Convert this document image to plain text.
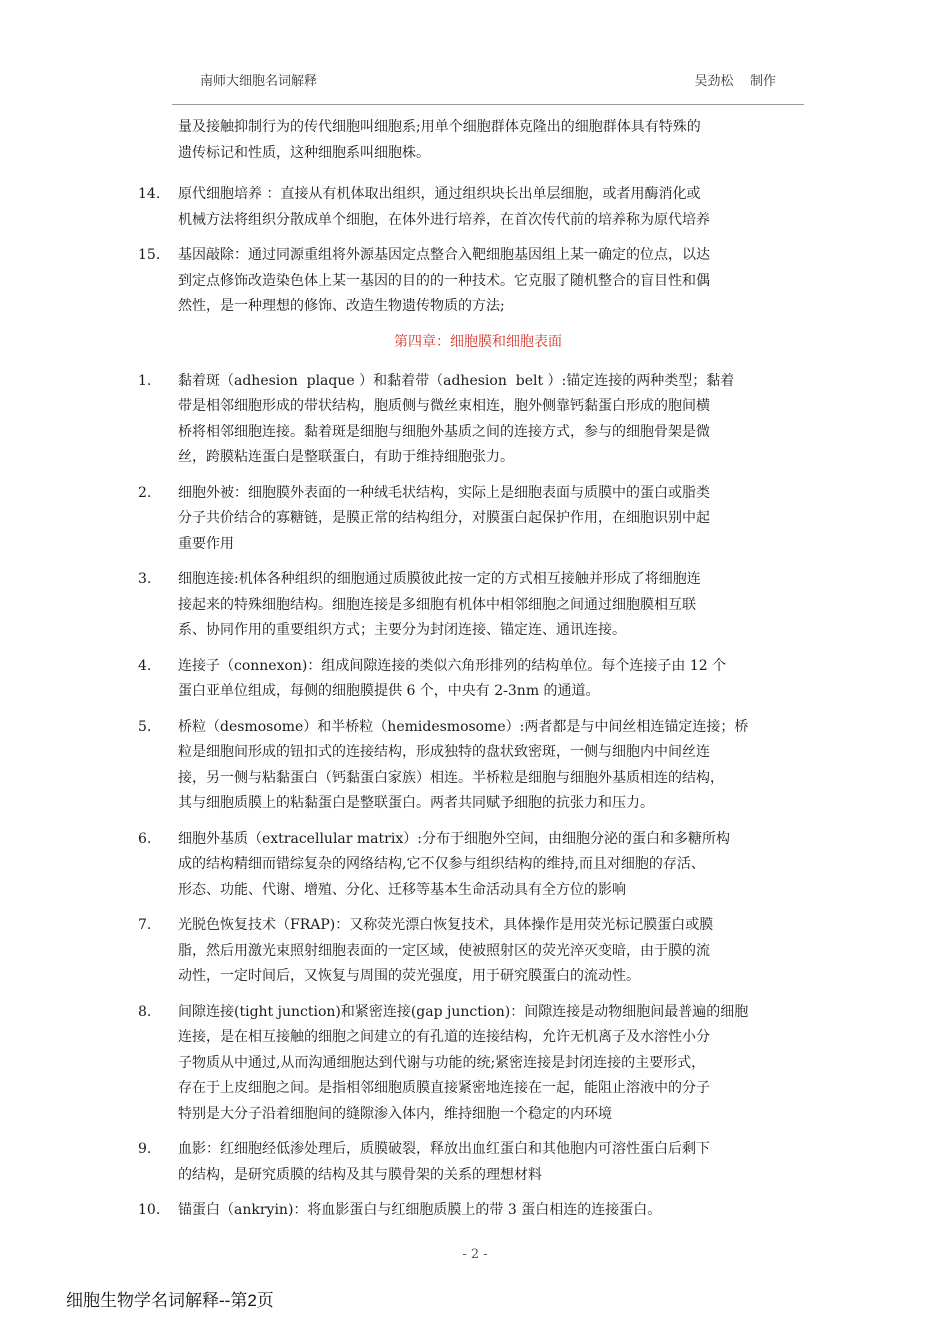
南师大细胞名词解释	吴劲松    制作
量及接触抑制行为的传代细胞叫细胞系;用单个细胞群体克隆出的细胞群体具有特殊的
遗传标记和性质，这种细胞系叫细胞株。
14.	原代细胞培养 ：直接从有机体取出组织，通过组织块长出单层细胞，或者用酶消化或
机械方法将组织分散成单个细胞，在体外进行培养，在首次传代前的培养称为原代培养
15.	基因敲除：通过同源重组将外源基因定点整合入靶细胞基因组上某一确定的位点，以达
到定点修饰改造染色体上某一基因的目的的一种技术。它克服了随机整合的盲目性和偶
然性，是一种理想的修饰、改造生物遗传物质的方法;
第四章：细胞膜和细胞表面
1.	黏着斑（adhesion  plaque ）和黏着带（adhesion  belt ）:锚定连接的两种类型；黏着
带是相邻细胞形成的带状结构，胞质侧与微丝束相连，胞外侧靠钙黏蛋白形成的胞间横
桥将相邻细胞连接。黏着斑是细胞与细胞外基质之间的连接方式，参与的细胞骨架是微
丝，跨膜粘连蛋白是整联蛋白，有助于维持细胞张力。
2.	细胞外被：细胞膜外表面的一种绒毛状结构，实际上是细胞表面与质膜中的蛋白或脂类
分子共价结合的寡糖链，是膜正常的结构组分，对膜蛋白起保护作用，在细胞识别中起
重要作用
3.	细胞连接:机体各种组织的细胞通过质膜彼此按一定的方式相互接触并形成了将细胞连
接起来的特殊细胞结构。细胞连接是多细胞有机体中相邻细胞之间通过细胞膜相互联
系、协同作用的重要组织方式；主要分为封闭连接、锚定连、通讯连接。
4.	连接子（connexon)：组成间隙连接的类似六角形排列的结构单位。每个连接子由 12 个
蛋白亚单位组成，每侧的细胞膜提供 6 个，中央有 2-3nm 的通道。
5.	桥粒（desmosome）和半桥粒（hemidesmosome）:两者都是与中间丝相连锚定连接；桥
粒是细胞间形成的钮扣式的连接结构，形成独特的盘状致密斑，一侧与细胞内中间丝连
接，另一侧与粘黏蛋白（钙黏蛋白家族）相连。半桥粒是细胞与细胞外基质相连的结构，
其与细胞质膜上的粘黏蛋白是整联蛋白。两者共同赋予细胞的抗张力和压力。
6.	细胞外基质（extracellular matrix）:分布于细胞外空间，由细胞分泌的蛋白和多糖所构
成的结构精细而错综复杂的网络结构,它不仅参与组织结构的维持,而且对细胞的存活、
形态、功能、代谢、增殖、分化、迁移等基本生命活动具有全方位的影响
7.	光脱色恢复技术（FRAP)：又称荧光漂白恢复技术，具体操作是用荧光标记膜蛋白或膜
脂，然后用激光束照射细胞表面的一定区域，使被照射区的荧光淬灭变暗，由于膜的流
动性，一定时间后，又恢复与周围的荧光强度，用于研究膜蛋白的流动性。
8.	间隙连接(tight junction)和紧密连接(gap junction)：间隙连接是动物细胞间最普遍的细胞
连接，是在相互接触的细胞之间建立的有孔道的连接结构，允许无机离子及水溶性小分
子物质从中通过,从而沟通细胞达到代谢与功能的统;紧密连接是封闭连接的主要形式，
存在于上皮细胞之间。是指相邻细胞质膜直接紧密地连接在一起，能阻止溶液中的分子
特别是大分子沿着细胞间的缝隙渗入体内，维持细胞一个稳定的内环境
9.	血影：红细胞经低渗处理后，质膜破裂，释放出血红蛋白和其他胞内可溶性蛋白后剩下
的结构，是研究质膜的结构及其与膜骨架的关系的理想材料
10.	锚蛋白（ankryin)：将血影蛋白与红细胞质膜上的带 3 蛋白相连的连接蛋白。
- 2 -
细胞生物学名词解释--第2页
